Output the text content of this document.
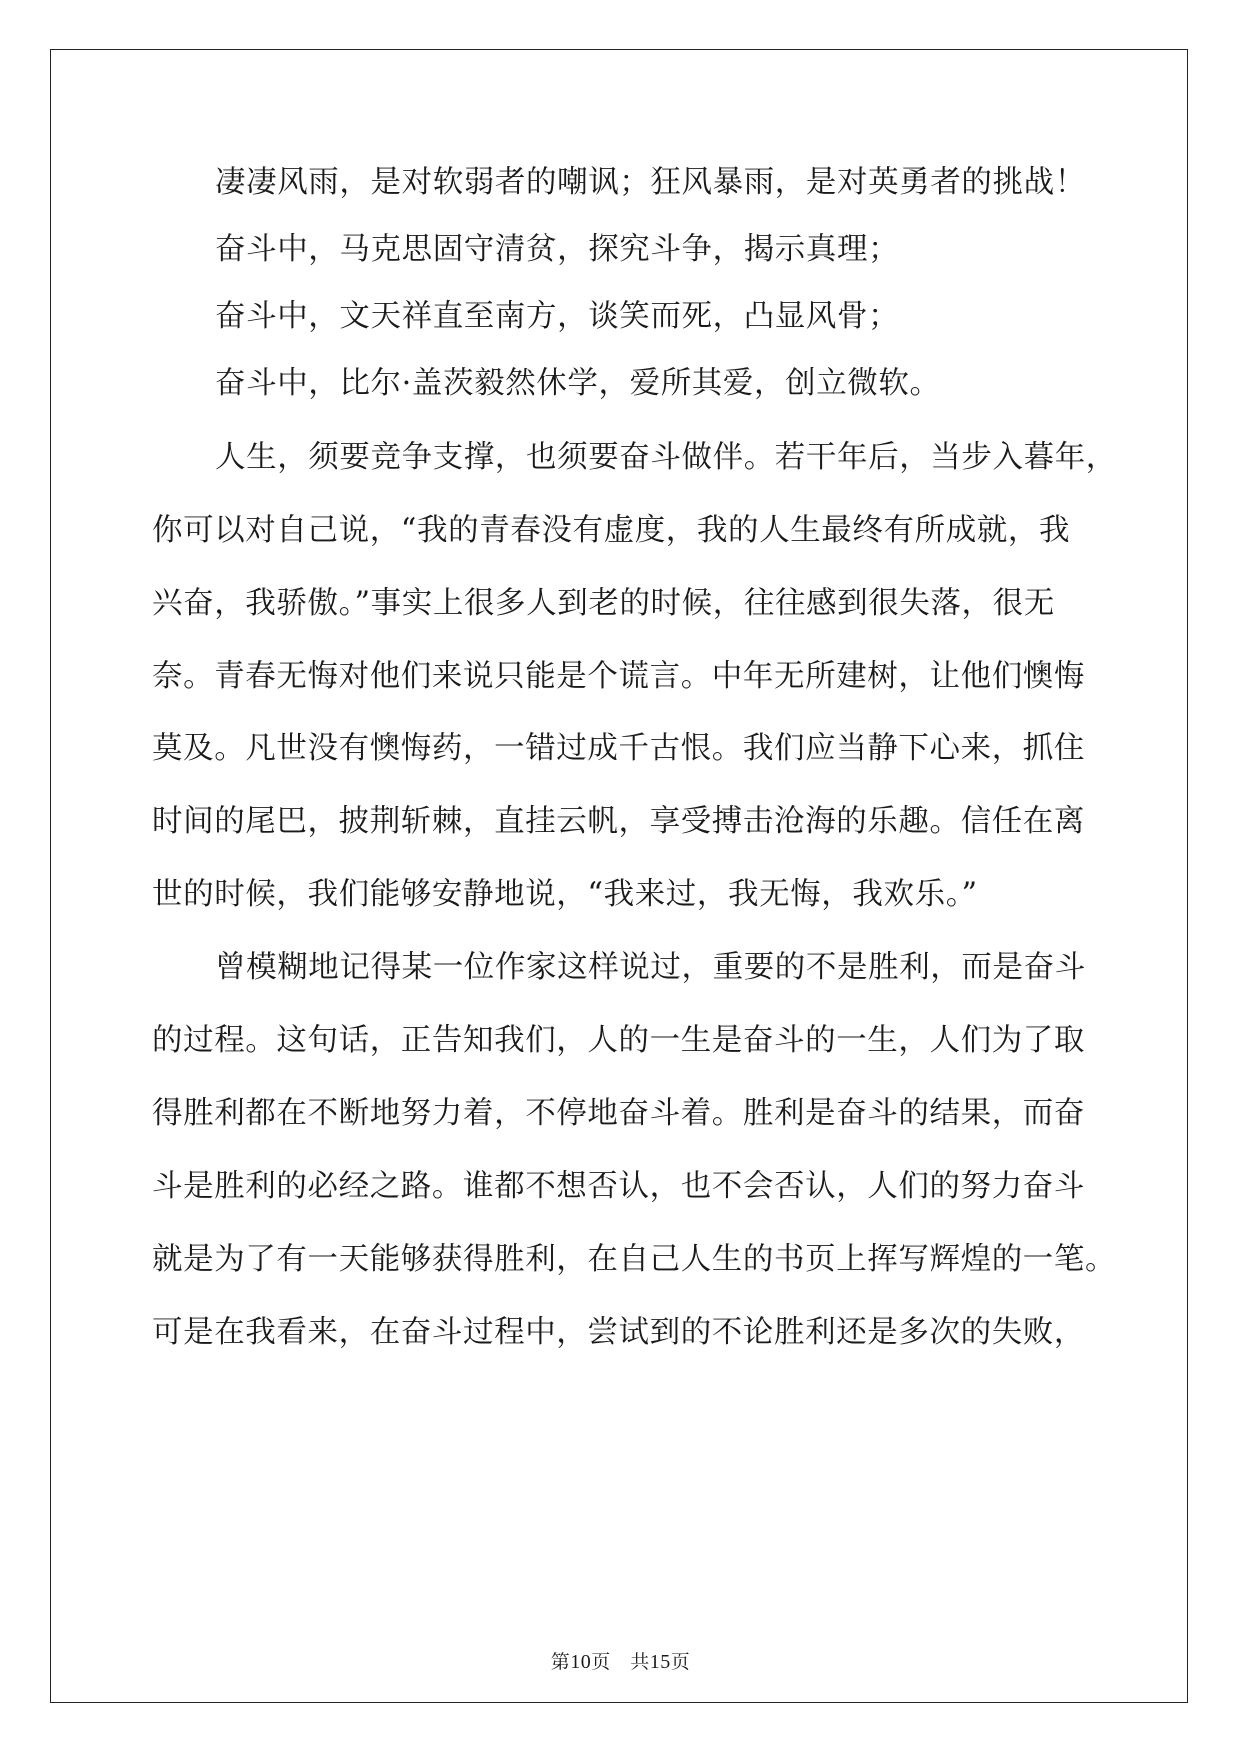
凄凄风雨，是对软弱者的嘲讽；狂风暴雨，是对英勇者的挑战！
奋斗中，马克思固守清贫，探究斗争，揭示真理；
奋斗中，文天祥直至南方，谈笑而死，凸显风骨；
奋斗中，比尔·盖茨毅然休学，爱所其爱，创立微软。
人生，须要竞争支撑，也须要奋斗做伴。若干年后，当步入暮年，
你可以对自己说，“我的青春没有虚度，我的人生最终有所成就，我
兴奋，我骄傲。”事实上很多人到老的时候，往往感到很失落，很无
奈。青春无悔对他们来说只能是个谎言。中年无所建树，让他们懊悔
莫及。凡世没有懊悔药，一错过成千古恨。我们应当静下心来，抓住
时间的尾巴，披荆斩棘，直挂云帆，享受搏击沧海的乐趣。信任在离
世的时候，我们能够安静地说，“我来过，我无悔，我欢乐。”
曾模糊地记得某一位作家这样说过，重要的不是胜利，而是奋斗
的过程。这句话，正告知我们，人的一生是奋斗的一生，人们为了取
得胜利都在不断地努力着，不停地奋斗着。胜利是奋斗的结果，而奋
斗是胜利的必经之路。谁都不想否认，也不会否认，人们的努力奋斗
就是为了有一天能够获得胜利，在自己人生的书页上挥写辉煌的一笔。
可是在我看来，在奋斗过程中，尝试到的不论胜利还是多次的失败，
第10页　共15页
